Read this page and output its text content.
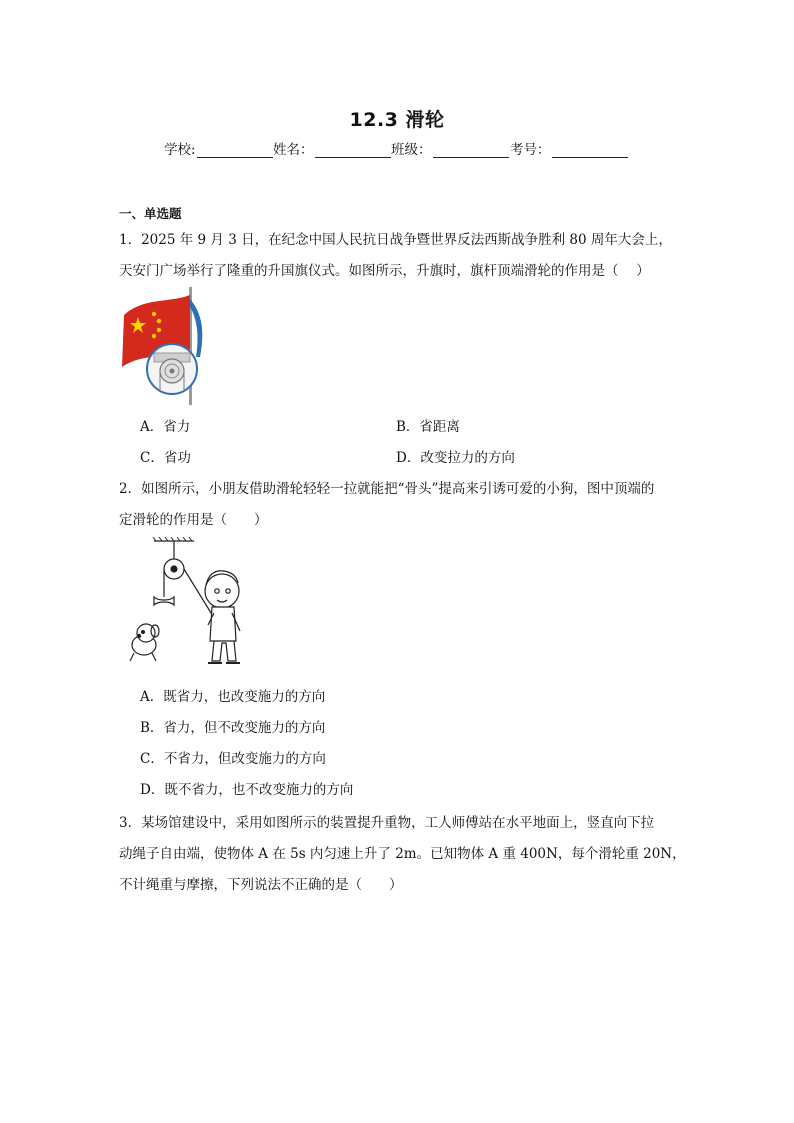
12.3 滑轮
学校:	姓名：	班级：	考号：
一、单选题
1．2025 年 9 月 3 日，在纪念中国人民抗日战争暨世界反法西斯战争胜利 80 周年大会上，
天安门广场举行了隆重的升国旗仪式。如图所示，升旗时，旗杆顶端滑轮的作用是（　 ）
A．省力	B．省距离
C．省功	D．改变拉力的方向
2．如图所示，小朋友借助滑轮轻轻一拉就能把“骨头”提高来引诱可爱的小狗，图中顶端的
定滑轮的作用是（　　）
A．既省力，也改变施力的方向
B．省力，但不改变施力的方向
C．不省力，但改变施力的方向
D．既不省力，也不改变施力的方向
3．某场馆建设中，采用如图所示的装置提升重物，工人师傅站在水平地面上，竖直向下拉
动绳子自由端，使物体 A 在 5s 内匀速上升了 2m。已知物体 A 重 400N，每个滑轮重 20N，
不计绳重与摩擦，下列说法不正确的是（　　）
